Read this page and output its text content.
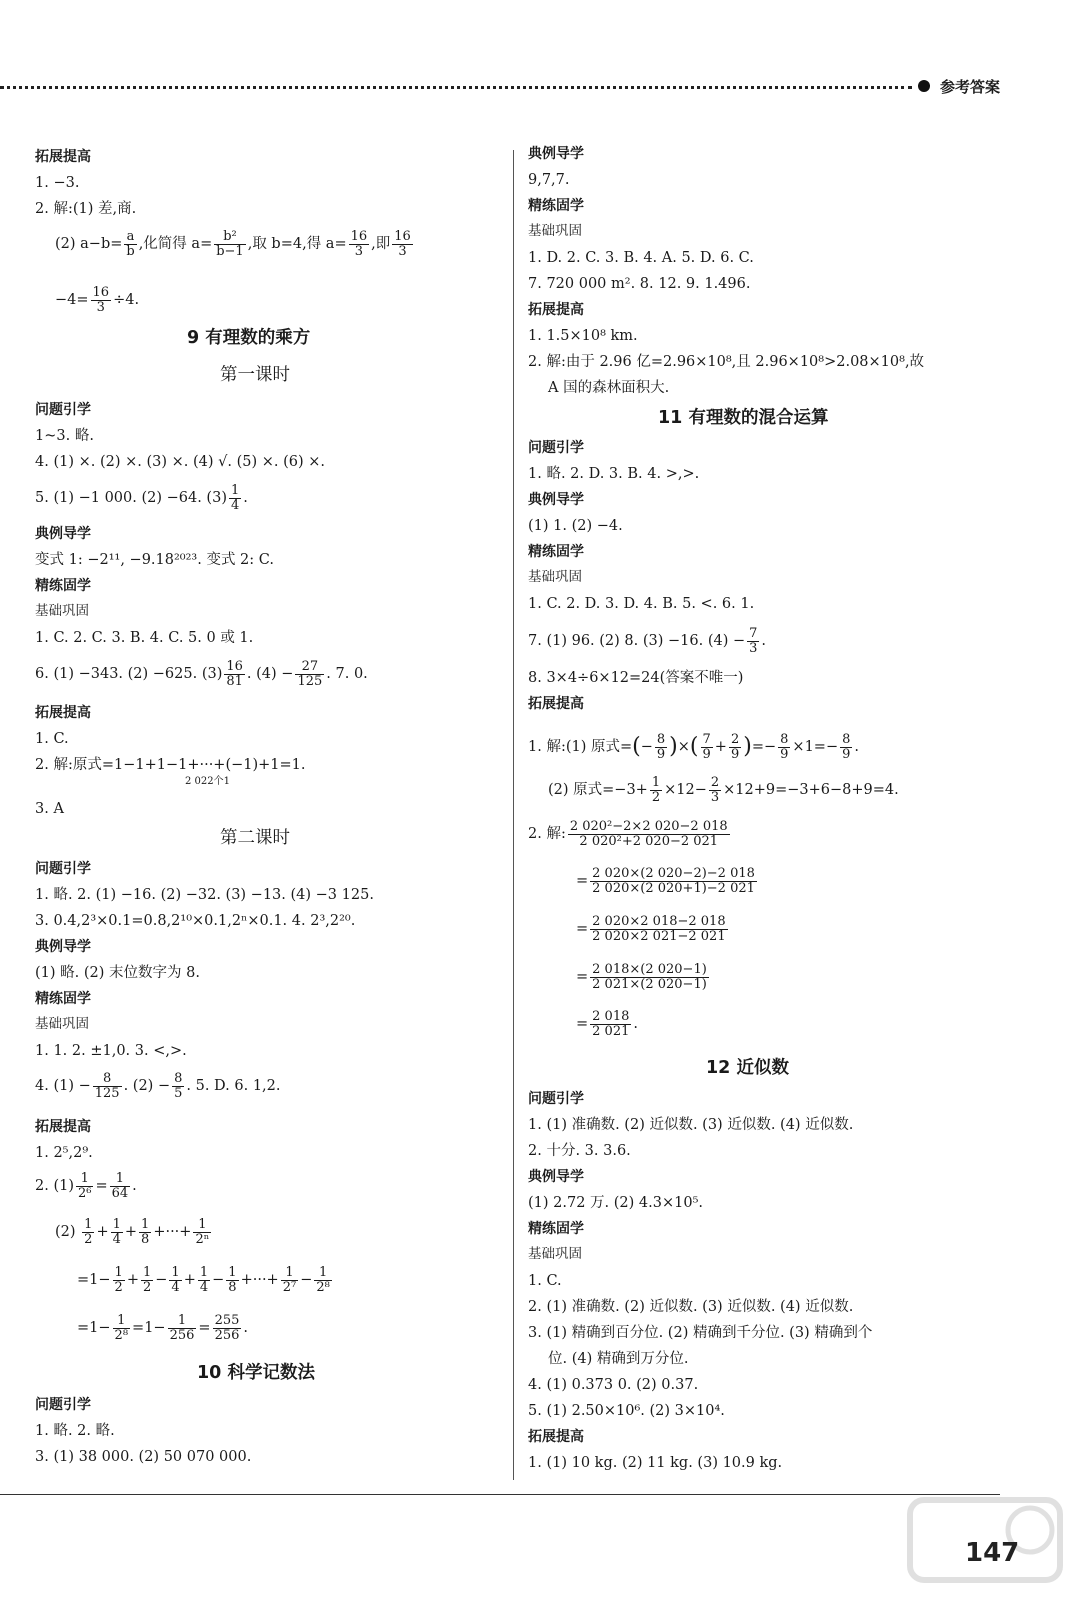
参考答案
拓展提高
1. −3.
2. 解:(1) 差,商.
(2) $a-b= \frac{a}{b}$ ,化简得 $a= \frac{\text{b²}}{b-1}$ ,取 b=4,得 $a= \frac{16}{3}$ ,即 $\frac{16}{3}$
$-4= \frac{16}{3} \div 4$.
9 有理数的乘方
第一课时
问题引学
1~3. 略.
4. (1) ×. (2) ×. (3) ×. (4) √. (5) ×. (6) ×.
5. (1) −1 000. (2) −64. $(3) \frac{1}{4}$ .
典例导学
变式 1: −2¹¹, −9.18²⁰²³. 变式 2: C.
精练固学
基础巩固
1. C. 2. C. 3. B. 4. C. 5. 0 或 1.
6. (1) −343. (2) −625. $(3) \frac{16}{81}$ . $(4) - \frac{27}{125}$ . 7. 0.
拓展提高
1. C.
2. 解:原式=1−1+1−1+···+(−1)+1=1.
2 022个1
3. A
第二课时
问题引学
1. 略. 2. (1) −16. (2) −32. (3) −13. (4) −3 125.
3. 0.4,2³×0.1=0.8,2¹⁰×0.1,2ⁿ×0.1. 4. 2³,2²⁰.
典例导学
(1) 略. (2) 末位数字为 8.
精练固学
基础巩固
1. 1. 2. ±1,0. 3. <,>.
4. $(1) - \frac{8}{125}$ . $(2) - \frac{8}{5}$ . 5. D. 6. 1,2.
拓展提高
1. 2⁵,2⁹.
2. $(1) \frac{1}{\text{2⁶}} = \frac{1}{64}$ .
$(2) \frac{1}{2} + \frac{1}{4} + \frac{1}{8}$ +···+ $\frac{1}{\text{2ⁿ}}$
$=1- \frac{1}{2} + \frac{1}{2} - \frac{1}{4} + \frac{1}{4} - \frac{1}{8}$ +···+ $\frac{1}{\text{2⁷}} - \frac{1}{\text{2⁸}}$
$=1- \frac{1}{\text{2⁸}} =1- \frac{1}{256} = \frac{255}{256}$ .
10 科学记数法
问题引学
1. 略. 2. 略.
3. (1) 38 000. (2) 50 070 000.
典例导学
9,7,7.
精练固学
基础巩固
1. D. 2. C. 3. B. 4. A. 5. D. 6. C.
7. 720 000 m². 8. 12. 9. 1.496.
拓展提高
1. 1.5×10⁸ km.
2. 解:由于 2.96 亿=2.96×10⁸,且 2.96×10⁸>2.08×10⁸,故
A 国的森林面积大.
11 有理数的混合运算
问题引学
1. 略. 2. D. 3. B. 4. >,>.
典例导学
(1) 1. (2) −4.
精练固学
基础巩固
1. C. 2. D. 3. D. 4. B. 5. <. 6. 1.
7. (1) 96. (2) 8. (3) −16. $(4) - \frac{7}{3}$ .
8. 3×4÷6×12=24(答案不唯一)
拓展提高
1. 解:(1) 原式=(− $\frac{8}{9}$ )×( $\frac{7}{9} + \frac{2}{9}$ )=− $\frac{8}{9} \times 1=- \frac{8}{9}$ .
(2) 原式$=-3+ \frac{1}{2} \times 12- \frac{2}{3} \times 12+9=-3+6-8+9=4$.
2. 解: $\frac{\text{2 020²−2×2 020−2 018}}{\text{2 020²+2 020−2 021}}$
= $\frac{2 020\times(2 020-2)-2 018}{2 020\times(2 020+1)-2 021}$
= $\frac{2 020\times 2 018-2 018}{2 020\times 2 021-2 021}$
= $\frac{2 018\times(2 020-1)}{2 021\times(2 020-1)}$
= $\frac{2 018}{2 021}$ .
12 近似数
问题引学
1. (1) 准确数. (2) 近似数. (3) 近似数. (4) 近似数.
2. 十分. 3. 3.6.
典例导学
(1) 2.72 万. (2) 4.3×10⁵.
精练固学
基础巩固
1. C.
2. (1) 准确数. (2) 近似数. (3) 近似数. (4) 近似数.
3. (1) 精确到百分位. (2) 精确到千分位. (3) 精确到个
位. (4) 精确到万分位.
4. (1) 0.373 0. (2) 0.37.
5. (1) 2.50×10⁶. (2) 3×10⁴.
拓展提高
1. (1) 10 kg. (2) 11 kg. (3) 10.9 kg.
147
